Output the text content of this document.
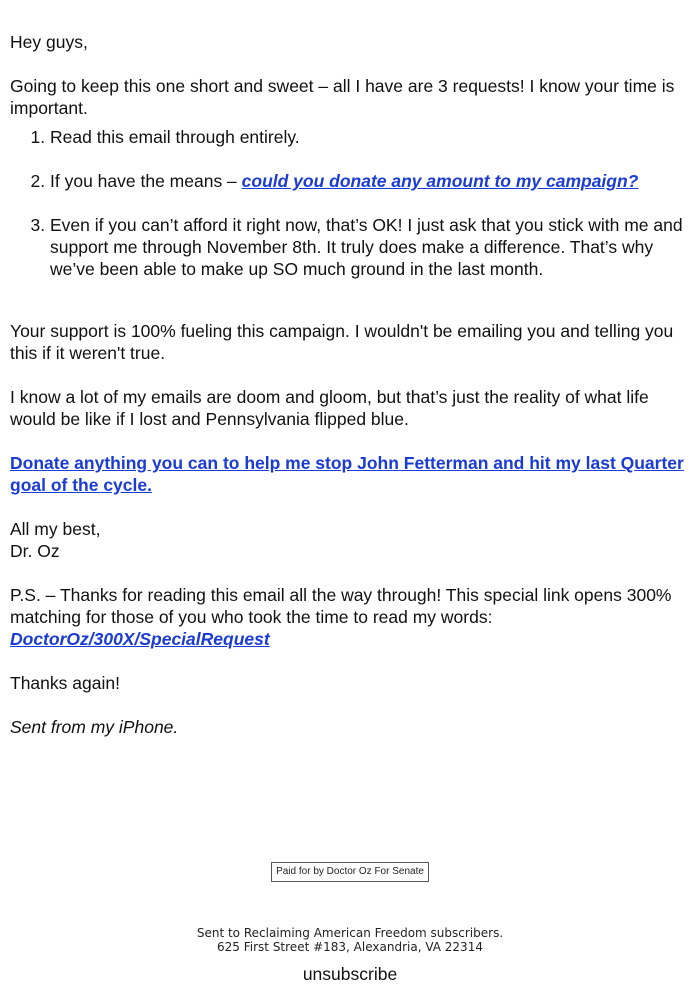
Hey guys,

Going to keep this one short and sweet – all I have are 3 requests! I know your time is important.

1. Read this email through entirely.
2. If you have the means – could you donate any amount to my campaign?
3. Even if you can’t afford it right now, that’s OK! I just ask that you stick with me and support me through November 8th. It truly does make a difference. That’s why we’ve been able to make up SO much ground in the last month.

Your support is 100% fueling this campaign. I wouldn't be emailing you and telling you this if it weren't true.

I know a lot of my emails are doom and gloom, but that’s just the reality of what life would be like if I lost and Pennsylvania flipped blue.

Donate anything you can to help me stop John Fetterman and hit my last Quarter goal of the cycle.

All my best,

Dr. Oz

P.S. – Thanks for reading this email all the way through! This special link opens 300% matching for those of you who took the time to read my words:
DoctorOz/300X/SpecialRequest

Thanks again!

Sent from my iPhone.

Paid for by Doctor Oz For Senate
Sent to Reclaiming American Freedom subscribers.
625 First Street #183, Alexandria, VA 22314
unsubscribe
